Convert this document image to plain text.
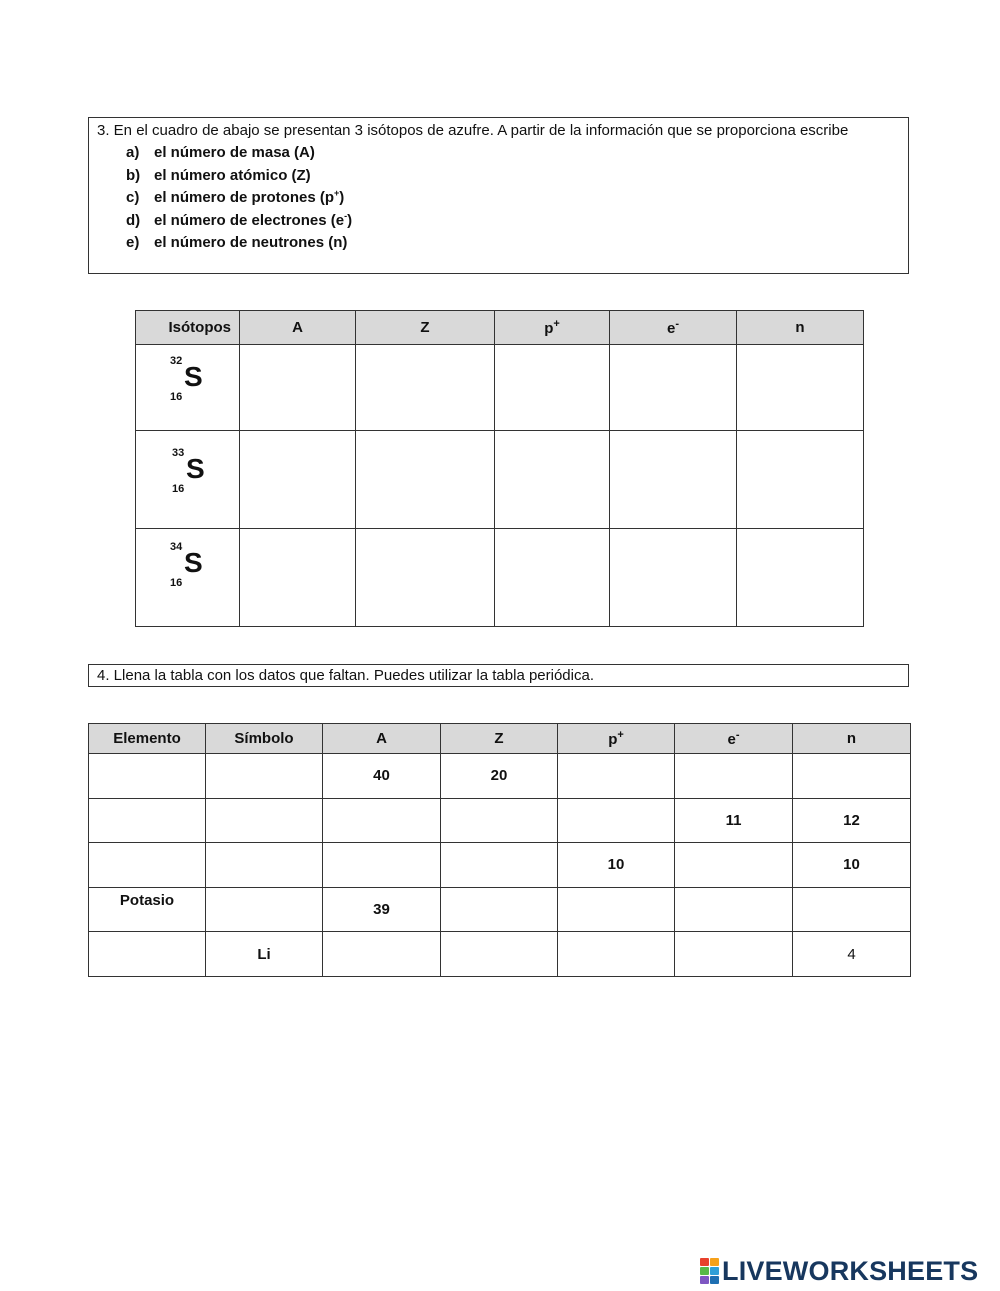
3. En el cuadro de abajo se presentan 3 isótopos de azufre. A partir de la información que se proporciona escribe

a) el número de masa (A)
b) el número atómico (Z)
c) el número de protones (p+)
d) el número de electrones (e-)
e) el número de neutrones (n)
Isótopos	A	Z	p+	e-	n

32 S
16					

33 S
16					

34 S
16					

4. Llena la tabla con los datos que faltan. Puedes utilizar la tabla periódica.
Elemento	Símbolo	A	Z	p+	e-	n
		40	20			
					11	12
				10		10
Potasio		39				
	Li					4
LIVEWORKSHEETS
